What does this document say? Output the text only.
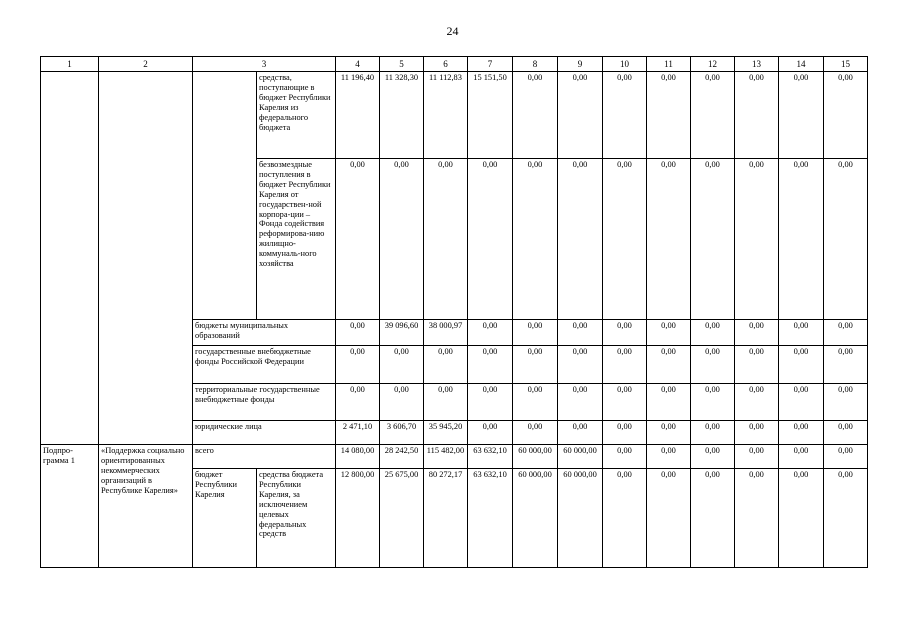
24
1	2	3		4	5	6	7	8	9	10	11	12	13	14	15
			средства, поступающие в бюджет Республики Карелия из федерального бюджета	11 196,40	11 328,30	11 112,83	15 151,50	0,00	0,00	0,00	0,00	0,00	0,00	0,00	0,00
			безвозмездные поступления в бюджет Республики Карелия от государствен-ной корпора-ции – Фонда содействия реформирова-нию жилищно-коммуналь-ного хозяйства	0,00	0,00	0,00	0,00	0,00	0,00	0,00	0,00	0,00	0,00	0,00	0,00
		бюджеты муниципальных образований		0,00	39 096,60	38 000,97	0,00	0,00	0,00	0,00	0,00	0,00	0,00	0,00	0,00
		государственные внебюджетные фонды Российской Федерации		0,00	0,00	0,00	0,00	0,00	0,00	0,00	0,00	0,00	0,00	0,00	0,00
		территориальные государственные внебюджетные фонды		0,00	0,00	0,00	0,00	0,00	0,00	0,00	0,00	0,00	0,00	0,00	0,00
		юридические лица		2 471,10	3 606,70	35 945,20	0,00	0,00	0,00	0,00	0,00	0,00	0,00	0,00	0,00
Подпро-грамма 1	«Поддержка социально ориентированных некоммерческих организаций в Республике Карелия»	всего		14 080,00	28 242,50	115 482,00	63 632,10	60 000,00	60 000,00	0,00	0,00	0,00	0,00	0,00	0,00
		бюджет Республики Карелия	средства бюджета Республики Карелия, за исключением целевых федеральных средств	12 800,00	25 675,00	80 272,17	63 632,10	60 000,00	60 000,00	0,00	0,00	0,00	0,00	0,00	0,00
